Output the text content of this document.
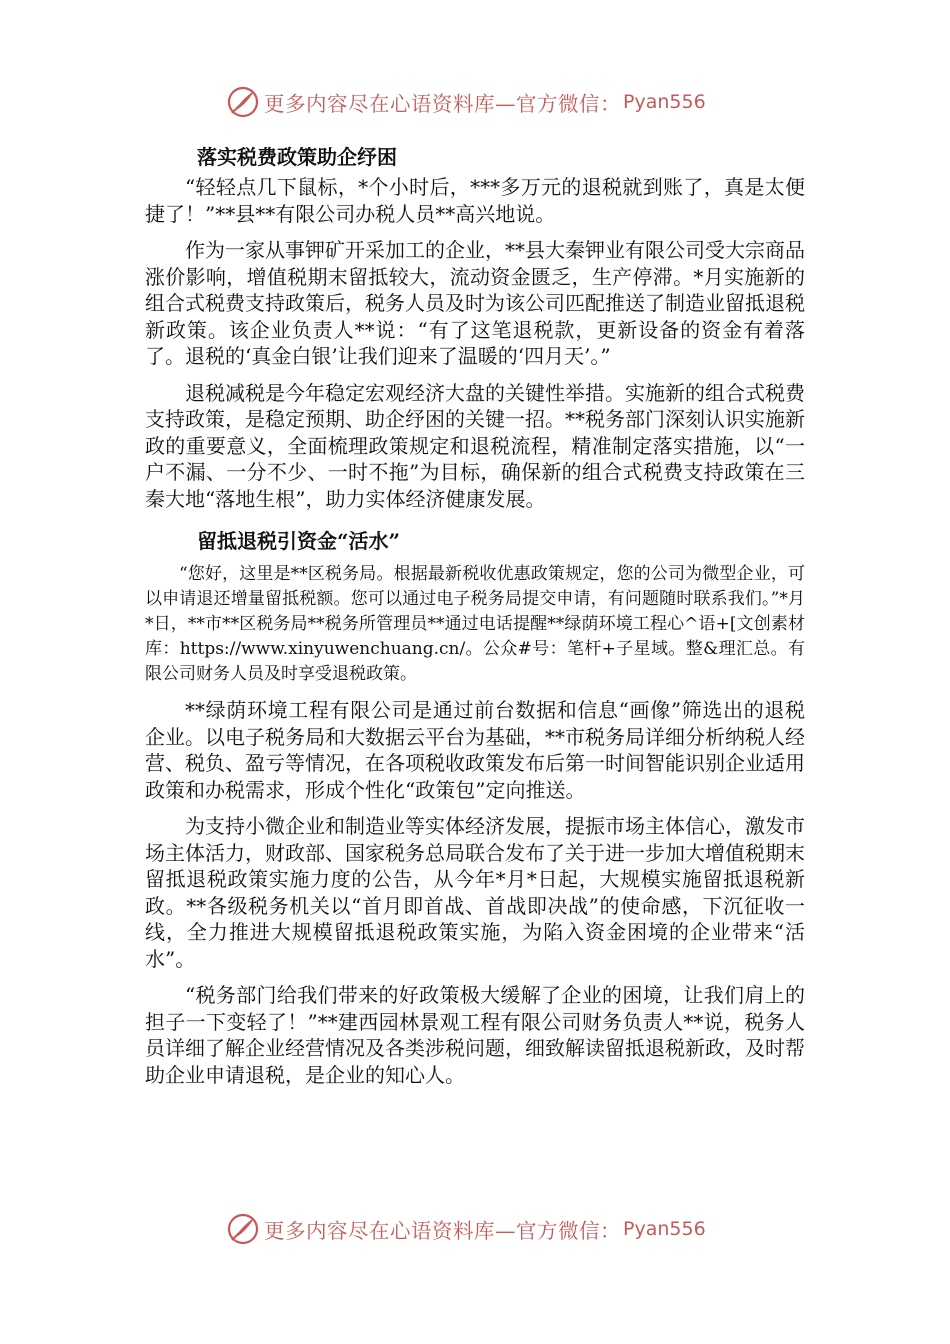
更多内容尽在心语资料库—官方微信： Pyan556
落实税费政策助企纾困

“轻轻点几下鼠标，*个小时后，***多万元的退税就到账了，真是太便捷了！”**县**有限公司办税人员**高兴地说。

作为一家从事钾矿开采加工的企业，**县大秦钾业有限公司受大宗商品涨价影响，增值税期末留抵较大，流动资金匮乏，生产停滞。*月实施新的组合式税费支持政策后，税务人员及时为该公司匹配推送了制造业留抵退税新政策。该企业负责人**说：“有了这笔退税款，更新设备的资金有着落了。退税的‘真金白银’让我们迎来了温暖的‘四月天’。”

退税减税是今年稳定宏观经济大盘的关键性举措。实施新的组合式税费支持政策，是稳定预期、助企纾困的关键一招。**税务部门深刻认识实施新政的重要意义，全面梳理政策规定和退税流程，精准制定落实措施，以“一户不漏、一分不少、一时不拖”为目标，确保新的组合式税费支持政策在三秦大地“落地生根”，助力实体经济健康发展。

留抵退税引资金“活水”

“您好，这里是**区税务局。根据最新税收优惠政策规定，您的公司为微型企业，可以申请退还增量留抵税额。您可以通过电子税务局提交申请，有问题随时联系我们。”*月*日，**市**区税务局**税务所管理员**通过电话提醒**绿荫环境工程心^语+[文创素材库：https://www.xinyuwenchuang.cn/。公众#号：笔杆+子星域。整&理汇总。有限公司财务人员及时享受退税政策。

**绿荫环境工程有限公司是通过前台数据和信息“画像”筛选出的退税企业。以电子税务局和大数据云平台为基础，**市税务局详细分析纳税人经营、税负、盈亏等情况，在各项税收政策发布后第一时间智能识别企业适用政策和办税需求，形成个性化“政策包”定向推送。

为支持小微企业和制造业等实体经济发展，提振市场主体信心，激发市场主体活力，财政部、国家税务总局联合发布了关于进一步加大增值税期末留抵退税政策实施力度的公告，从今年*月*日起，大规模实施留抵退税新政。**各级税务机关以“首月即首战、首战即决战”的使命感，下沉征收一线，全力推进大规模留抵退税政策实施，为陷入资金困境的企业带来“活水”。

“税务部门给我们带来的好政策极大缓解了企业的困境，让我们肩上的担子一下变轻了！”**建西园林景观工程有限公司财务负责人**说，税务人员详细了解企业经营情况及各类涉税问题，细致解读留抵退税新政，及时帮助企业申请退税，是企业的知心人。

更多内容尽在心语资料库—官方微信： Pyan556
